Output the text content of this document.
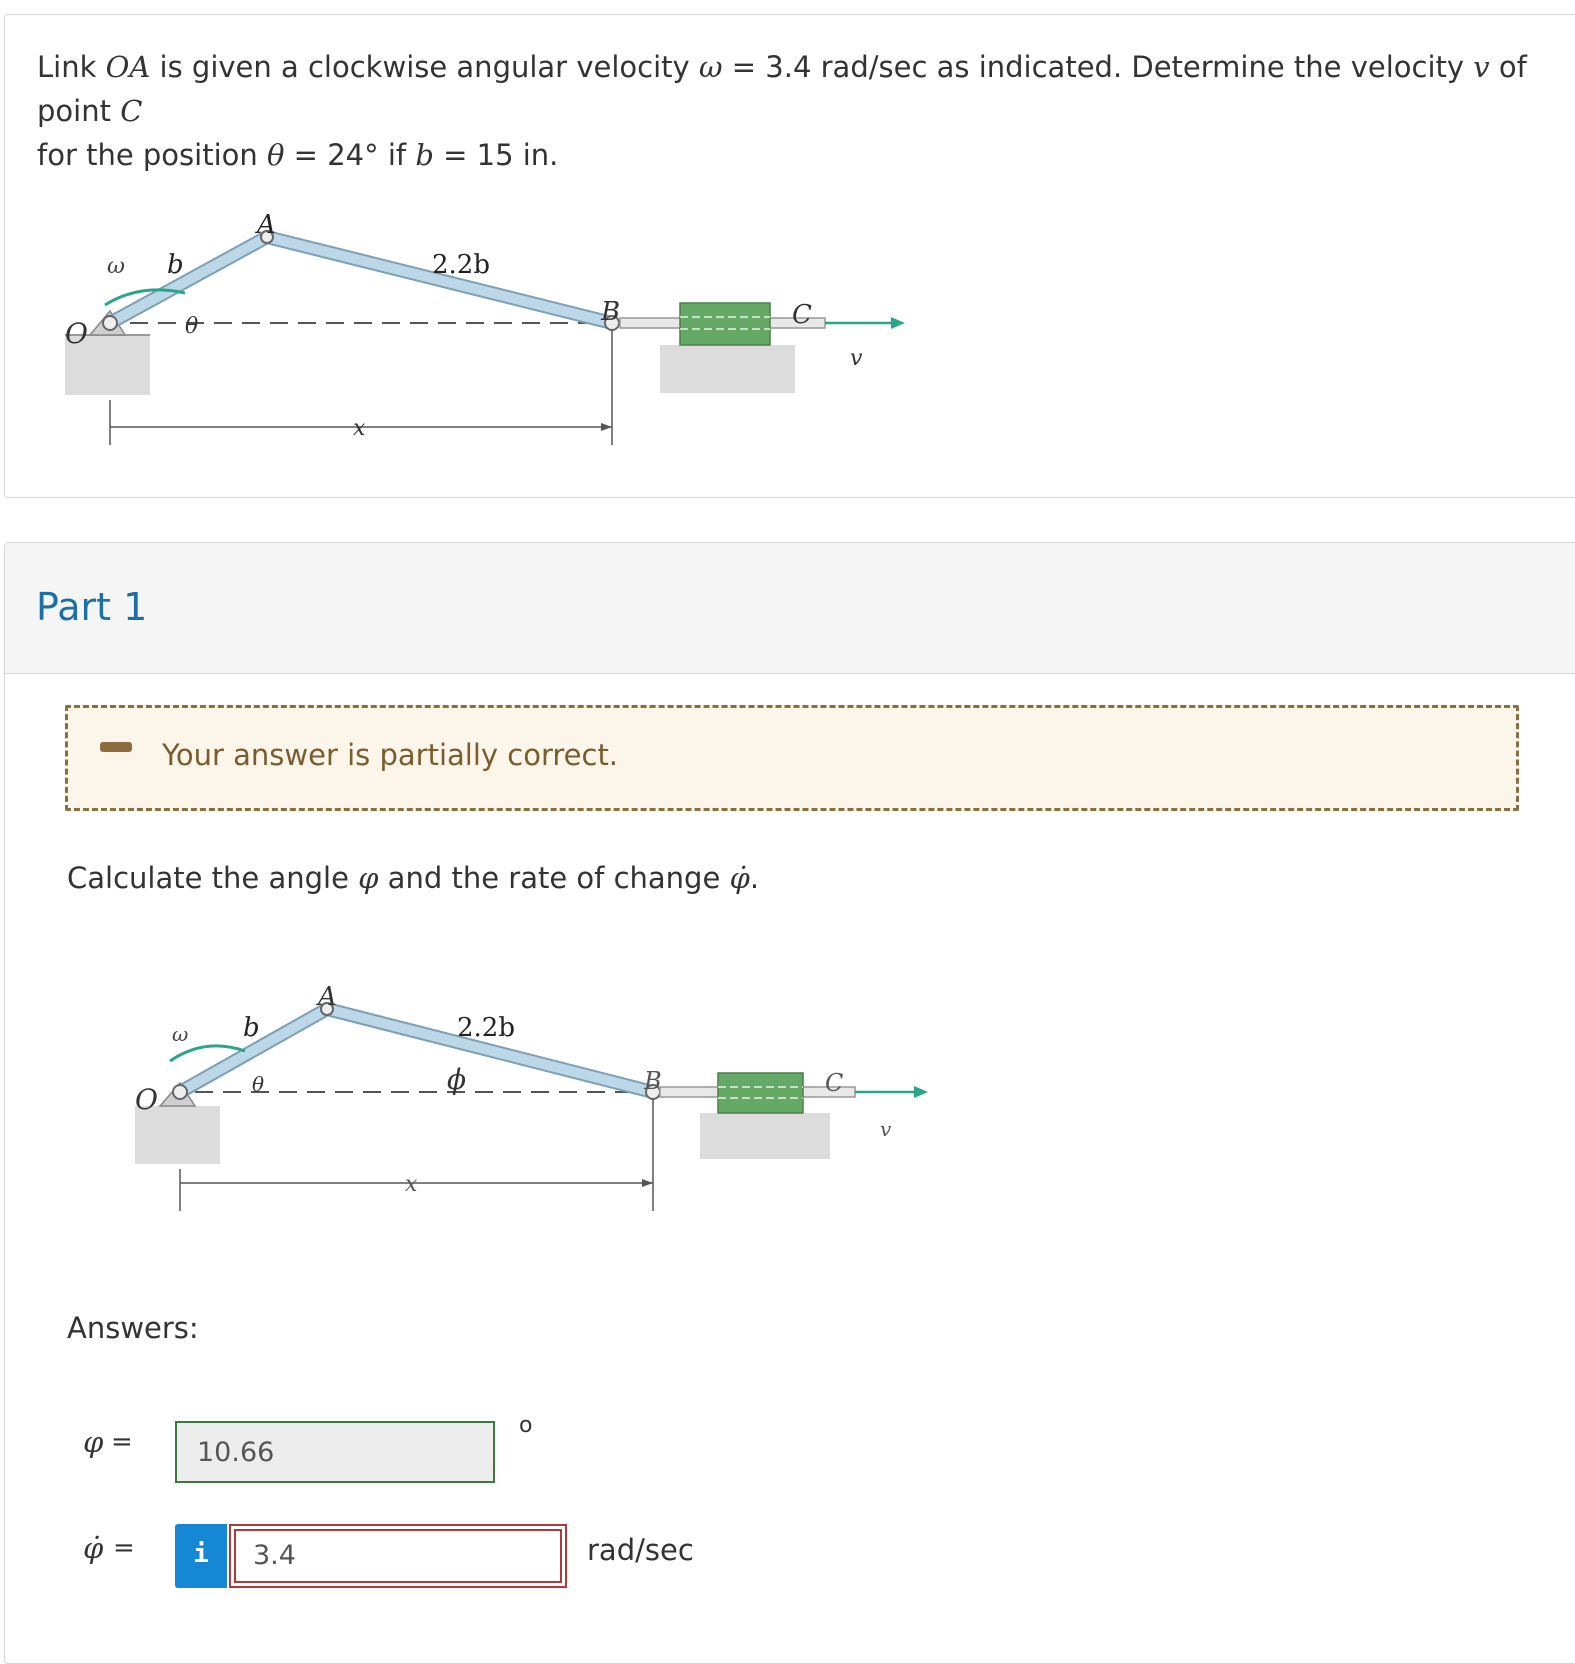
Link OA is given a clockwise angular velocity ω = 3.4 rad/sec as indicated. Determine the velocity v of point C
for the position θ = 24° if b = 15 in.
ω b
A
2.2b
θ
O
B	C
v
x
Part 1
Your answer is partially correct.
Calculate the angle φ and the rate of change φ̇.
ω b
A
2.2b
θ	ϕ
O
B	C
v
x
Answers:
φ = 10.66
o
φ̇ =	i	3.4	rad/sec
